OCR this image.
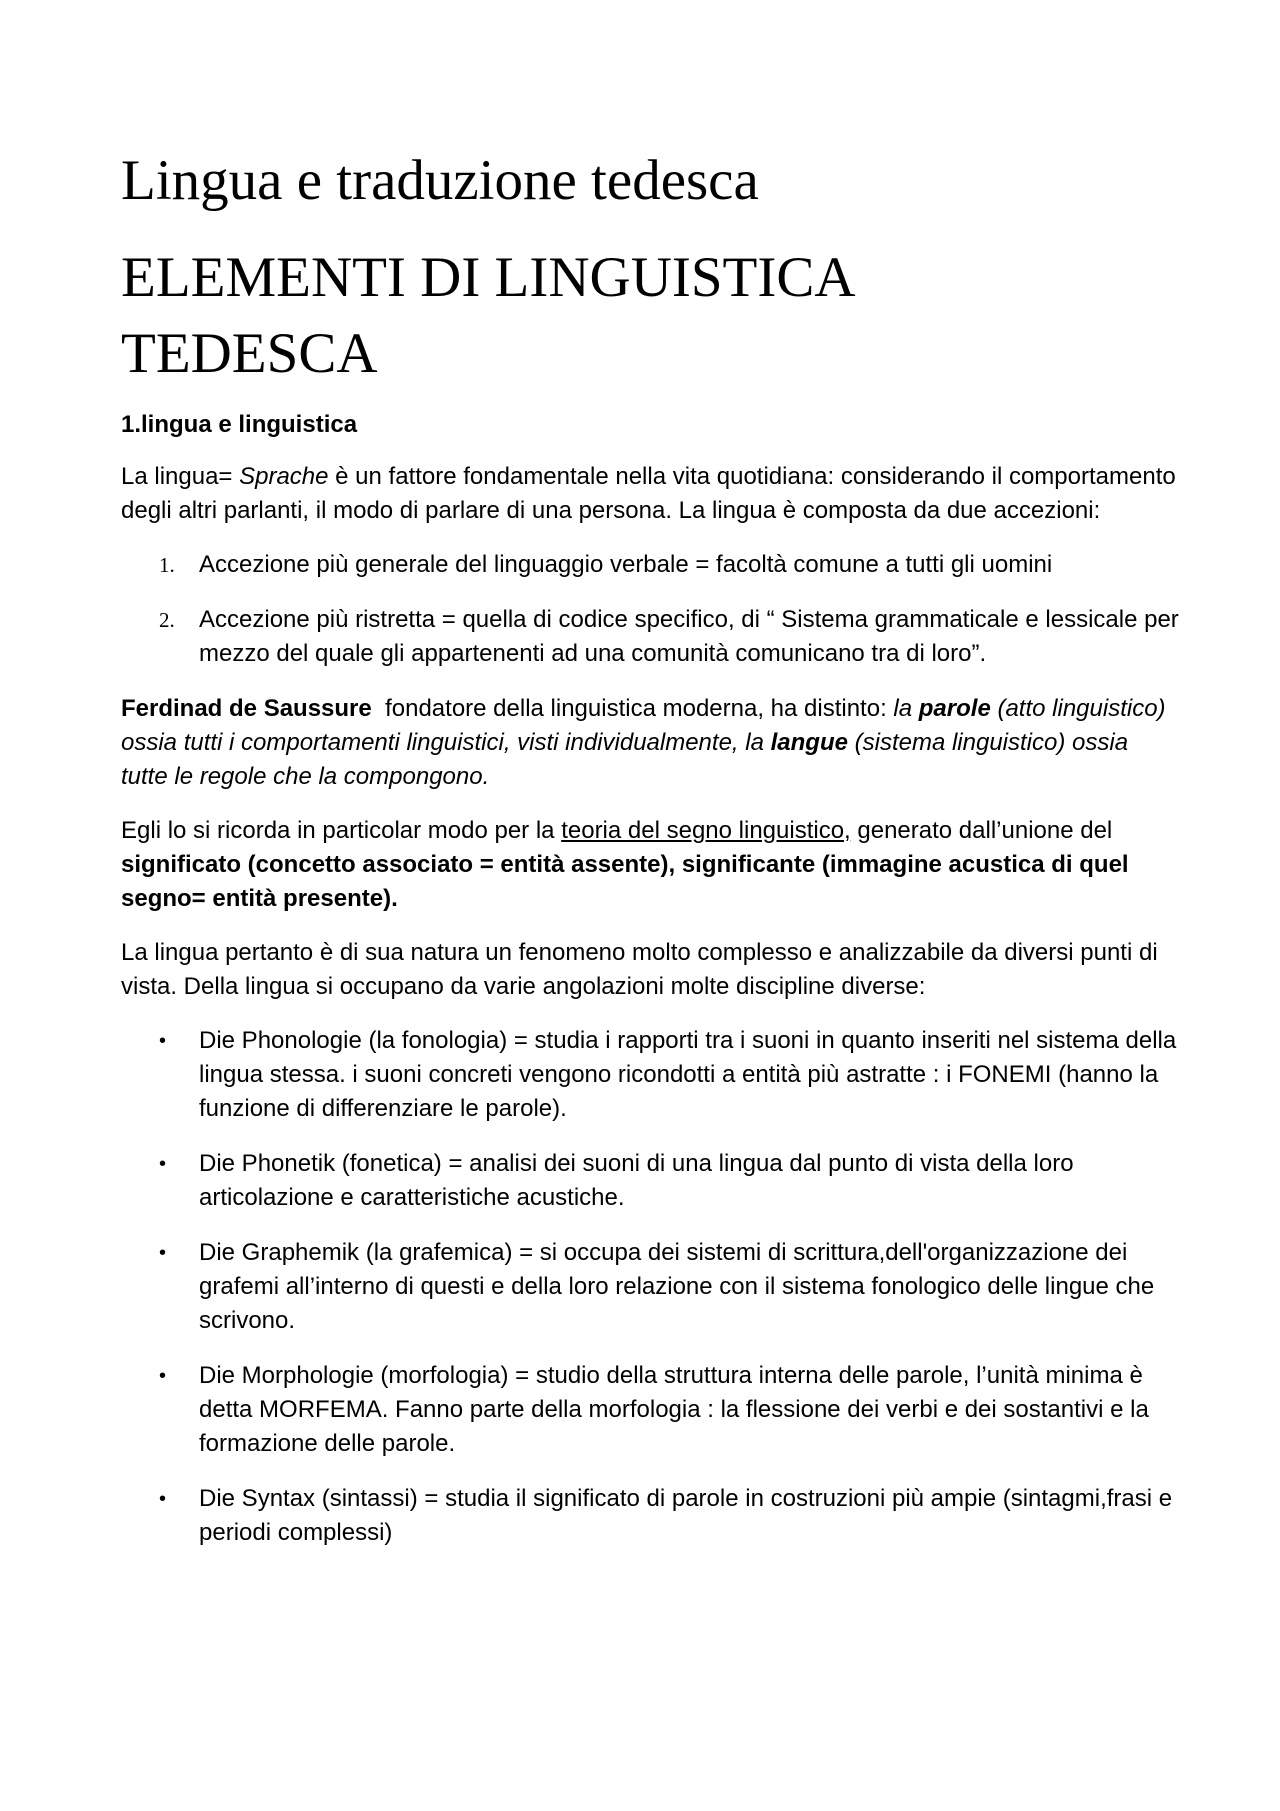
Lingua e traduzione tedesca
ELEMENTI DI LINGUISTICA
TEDESCA
1.lingua e linguistica

La lingua= Sprache è un fattore fondamentale nella vita quotidiana: considerando il comportamento degli altri parlanti, il modo di parlare di una persona. La lingua è composta da due accezioni:

1. Accezione più generale del linguaggio verbale = facoltà comune a tutti gli uomini
2. Accezione più ristretta = quella di codice specifico, di “ Sistema grammaticale e lessicale per mezzo del quale gli appartenenti ad una comunità comunicano tra di loro”.

Ferdinad de Saussure  fondatore della linguistica moderna, ha distinto: la parole (atto linguistico) ossia tutti i comportamenti linguistici, visti individualmente, la langue (sistema linguistico) ossia tutte le regole che la compongono.

Egli lo si ricorda in particolar modo per la teoria del segno linguistico, generato dall’unione del significato (concetto associato = entità assente), significante (immagine acustica di quel segno= entità presente).

La lingua pertanto è di sua natura un fenomeno molto complesso e analizzabile da diversi punti di vista. Della lingua si occupano da varie angolazioni molte discipline diverse:

• Die Phonologie (la fonologia) = studia i rapporti tra i suoni in quanto inseriti nel sistema della lingua stessa. i suoni concreti vengono ricondotti a entità più astratte : i FONEMI (hanno la funzione di differenziare le parole).
• Die Phonetik (fonetica) = analisi dei suoni di una lingua dal punto di vista della loro articolazione e caratteristiche acustiche.
• Die Graphemik (la grafemica) = si occupa dei sistemi di scrittura,dell'organizzazione dei grafemi all’interno di questi e della loro relazione con il sistema fonologico delle lingue che scrivono.
• Die Morphologie (morfologia) = studio della struttura interna delle parole, l’unità minima è detta MORFEMA. Fanno parte della morfologia : la flessione dei verbi e dei sostantivi e la formazione delle parole.
• Die Syntax (sintassi) = studia il significato di parole in costruzioni più ampie (sintagmi,frasi e periodi complessi)
